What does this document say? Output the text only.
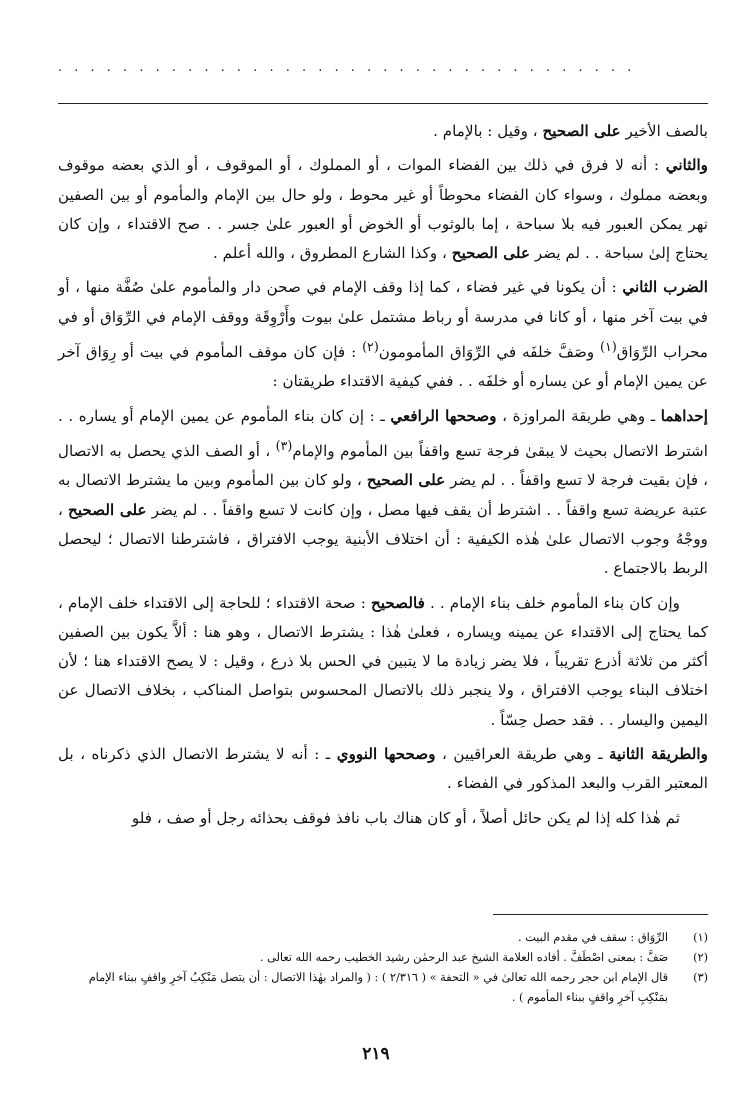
. . . . . . . . . . . . . . . . . . . . . . . . . . . . . . . . . . . .

بالصف الأخير على الصحيح ، وقيل : بالإمام .

والثاني : أنه لا فرق في ذلك بين الفضاء الموات ، أو المملوك ، أو الموقوف ، أو الذي بعضه موقوف وبعضه مملوك ، وسواء كان الفضاء محوطاً أو غير محوط ، ولو حال بين الإمام والمأموم أو بين الصفين نهر يمكن العبور فيه بلا سباحة ، إما بالوثوب أو الخوض أو العبور علىٰ جسر . . صح الاقتداء ، وإن كان يحتاج إلىٰ سباحة . . لم يضر على الصحيح ، وكذا الشارع المطروق ، والله أعلم .

الضرب الثاني : أن يكونا في غير فضاء ، كما إذا وقف الإمام في صحن دار والمأموم علىٰ صُفَّة منها ، أو في بيت آخر منها ، أو كانا في مدرسة أو رباط مشتمل علىٰ بيوت وأَرْوِقَة ووقف الإمام في الرِّوَاق أو في محراب الرِّوَاق$^{(١)}$ وصَفَّ خلفَه في الرِّوَاق المأمومون$^{(٢)}$ : فإن كان موقف المأموم في بيت أو رِوَاق آخر عن يمين الإمام أو عن يساره أو خلفَه . . ففي كيفية الاقتداء طريقتان :

إحداهما ـ وهي طريقة المراوزة ، وصححها الرافعي ـ : إن كان بناء المأموم عن يمين الإمام أو يساره . . اشترط الاتصال بحيث لا يبقىٰ فرجة تسع واقفاً بين المأموم والإمام$^{(٣)}$ ، أو الصف الذي يحصل به الاتصال ، فإن بقيت فرجة لا تسع واقفاً . . لم يضر على الصحيح ، ولو كان بين المأموم وبين ما يشترط الاتصال به عتبة عريضة تسع واقفاً . . اشترط أن يقف فيها مصل ، وإن كانت لا تسع واقفاً . . لم يضر على الصحيح ، ووجْهُ وجوب الاتصال علىٰ هٰذه الكيفية : أن اختلاف الأبنية يوجب الافتراق ، فاشترطنا الاتصال ؛ ليحصل الربط بالاجتماع .

وإن كان بناء المأموم خلف بناء الإمام . . فالصحيح : صحة الاقتداء ؛ للحاجة إلى الاقتداء خلف الإمام ، كما يحتاج إلى الاقتداء عن يمينه ويساره ، فعلىٰ هٰذا : يشترط الاتصال ، وهو هنا : ألاَّ يكون بين الصفين أكثر من ثلاثة أذرع تقريباً ، فلا يضر زيادة ما لا يتبين في الحس بلا ذرع ، وقيل : لا يصح الاقتداء هنا ؛ لأن اختلاف البناء يوجب الافتراق ، ولا ينجبر ذلك بالاتصال المحسوس بتواصل المناكب ، بخلاف الاتصال عن اليمين واليسار . . فقد حصل حِسّاً .

والطريقة الثانية ـ وهي طريقة العراقيين ، وصححها النووي ـ : أنه لا يشترط الاتصال الذي ذكرناه ، بل المعتبر القرب والبعد المذكور في الفضاء .

ثم هٰذا كله إذا لم يكن حائل أصلاً ، أو كان هناك باب نافذ فوقف بحذائه رجل أو صف ، فلو

(١)
الرِّوَاق : سقف في مقدم البيت .
(٢)
صَفَّ : بمعنى اصْطَفَّ . أفاده العلامة الشيخ عبد الرحمٰن رشيد الخطيب رحمه الله تعالى .
(٣)
قال الإمام ابن حجر رحمه الله تعالىٰ في « التحفة » ( ٢/٣١٦ ) : ( والمراد بهٰذا الاتصال : أن يتصل مَنْكِبُ آخرِ واقفٍ ببناء الإمام بمَنْكِبِ آخرِ واقفٍ ببناء المأموم ) .
٢١٩
